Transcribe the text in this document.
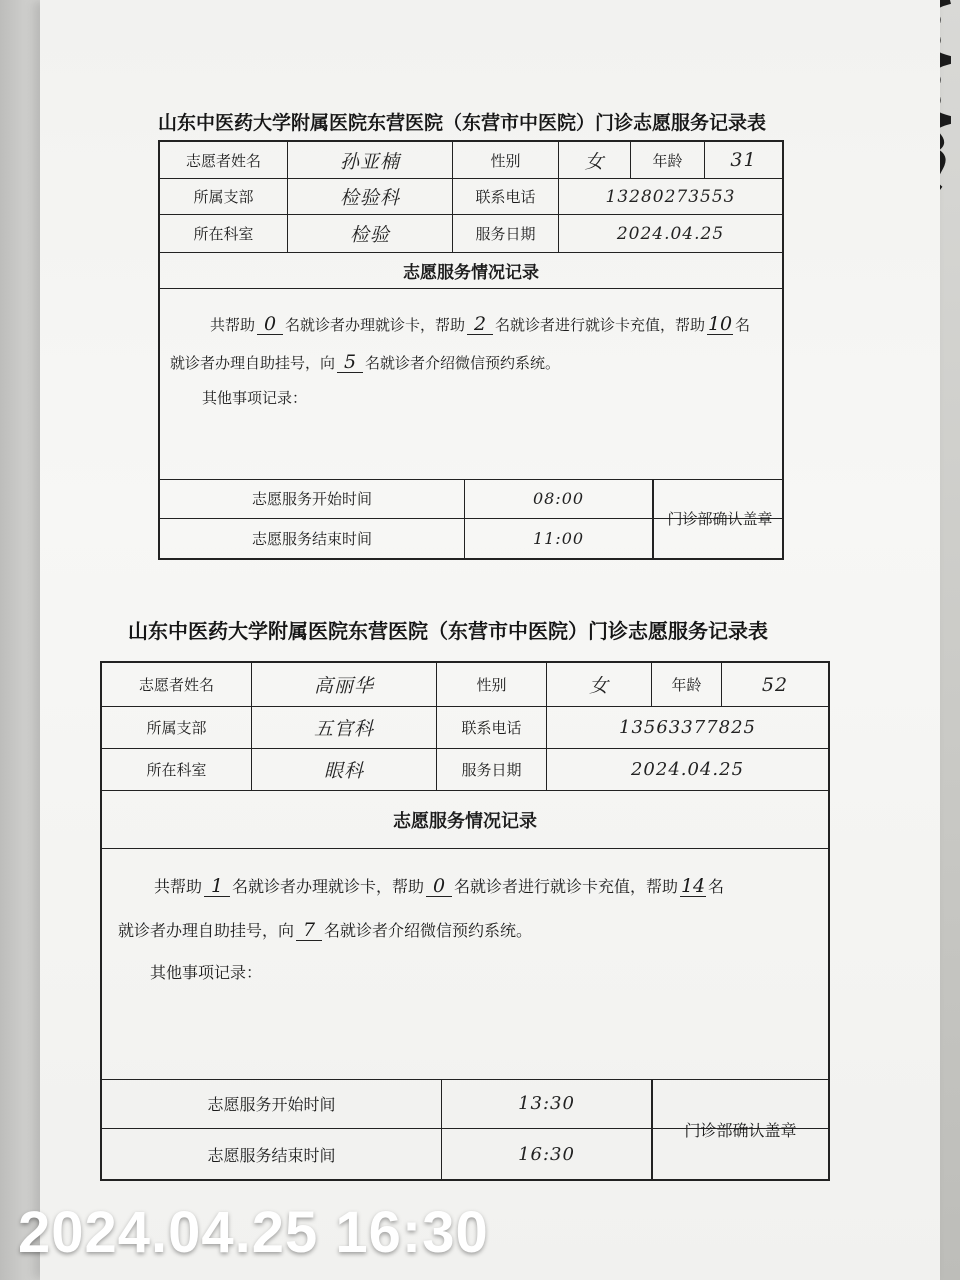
山东中医药大学附属医院东营医院（东营市中医院）门诊志愿服务记录表
志愿者姓名	孙亚楠	性别	女	年龄	31
所属支部	检验科	联系电话	13280273553
所在科室	检验	服务日期	2024.04.25
志愿服务情况记录
共帮助 0 名就诊者办理就诊卡，帮助 2 名就诊者进行就诊卡充值，帮助 10 名
就诊者办理自助挂号，向 5 名就诊者介绍微信预约系统。
其他事项记录：
志愿服务开始时间	08:00
志愿服务结束时间	11:00
门诊部确认盖章
山东中医药大学附属医院东营医院（东营市中医院）门诊志愿服务记录表
志愿者姓名	高丽华	性别	女	年龄	52
所属支部	五官科	联系电话	13563377825
所在科室	眼科	服务日期	2024.04.25
志愿服务情况记录
共帮助 1 名就诊者办理就诊卡，帮助 0 名就诊者进行就诊卡充值，帮助 14 名
就诊者办理自助挂号，向 7 名就诊者介绍微信预约系统。
其他事项记录：
志愿服务开始时间	13:30
志愿服务结束时间	16:30
门诊部确认盖章
2024.04.25 16:30
